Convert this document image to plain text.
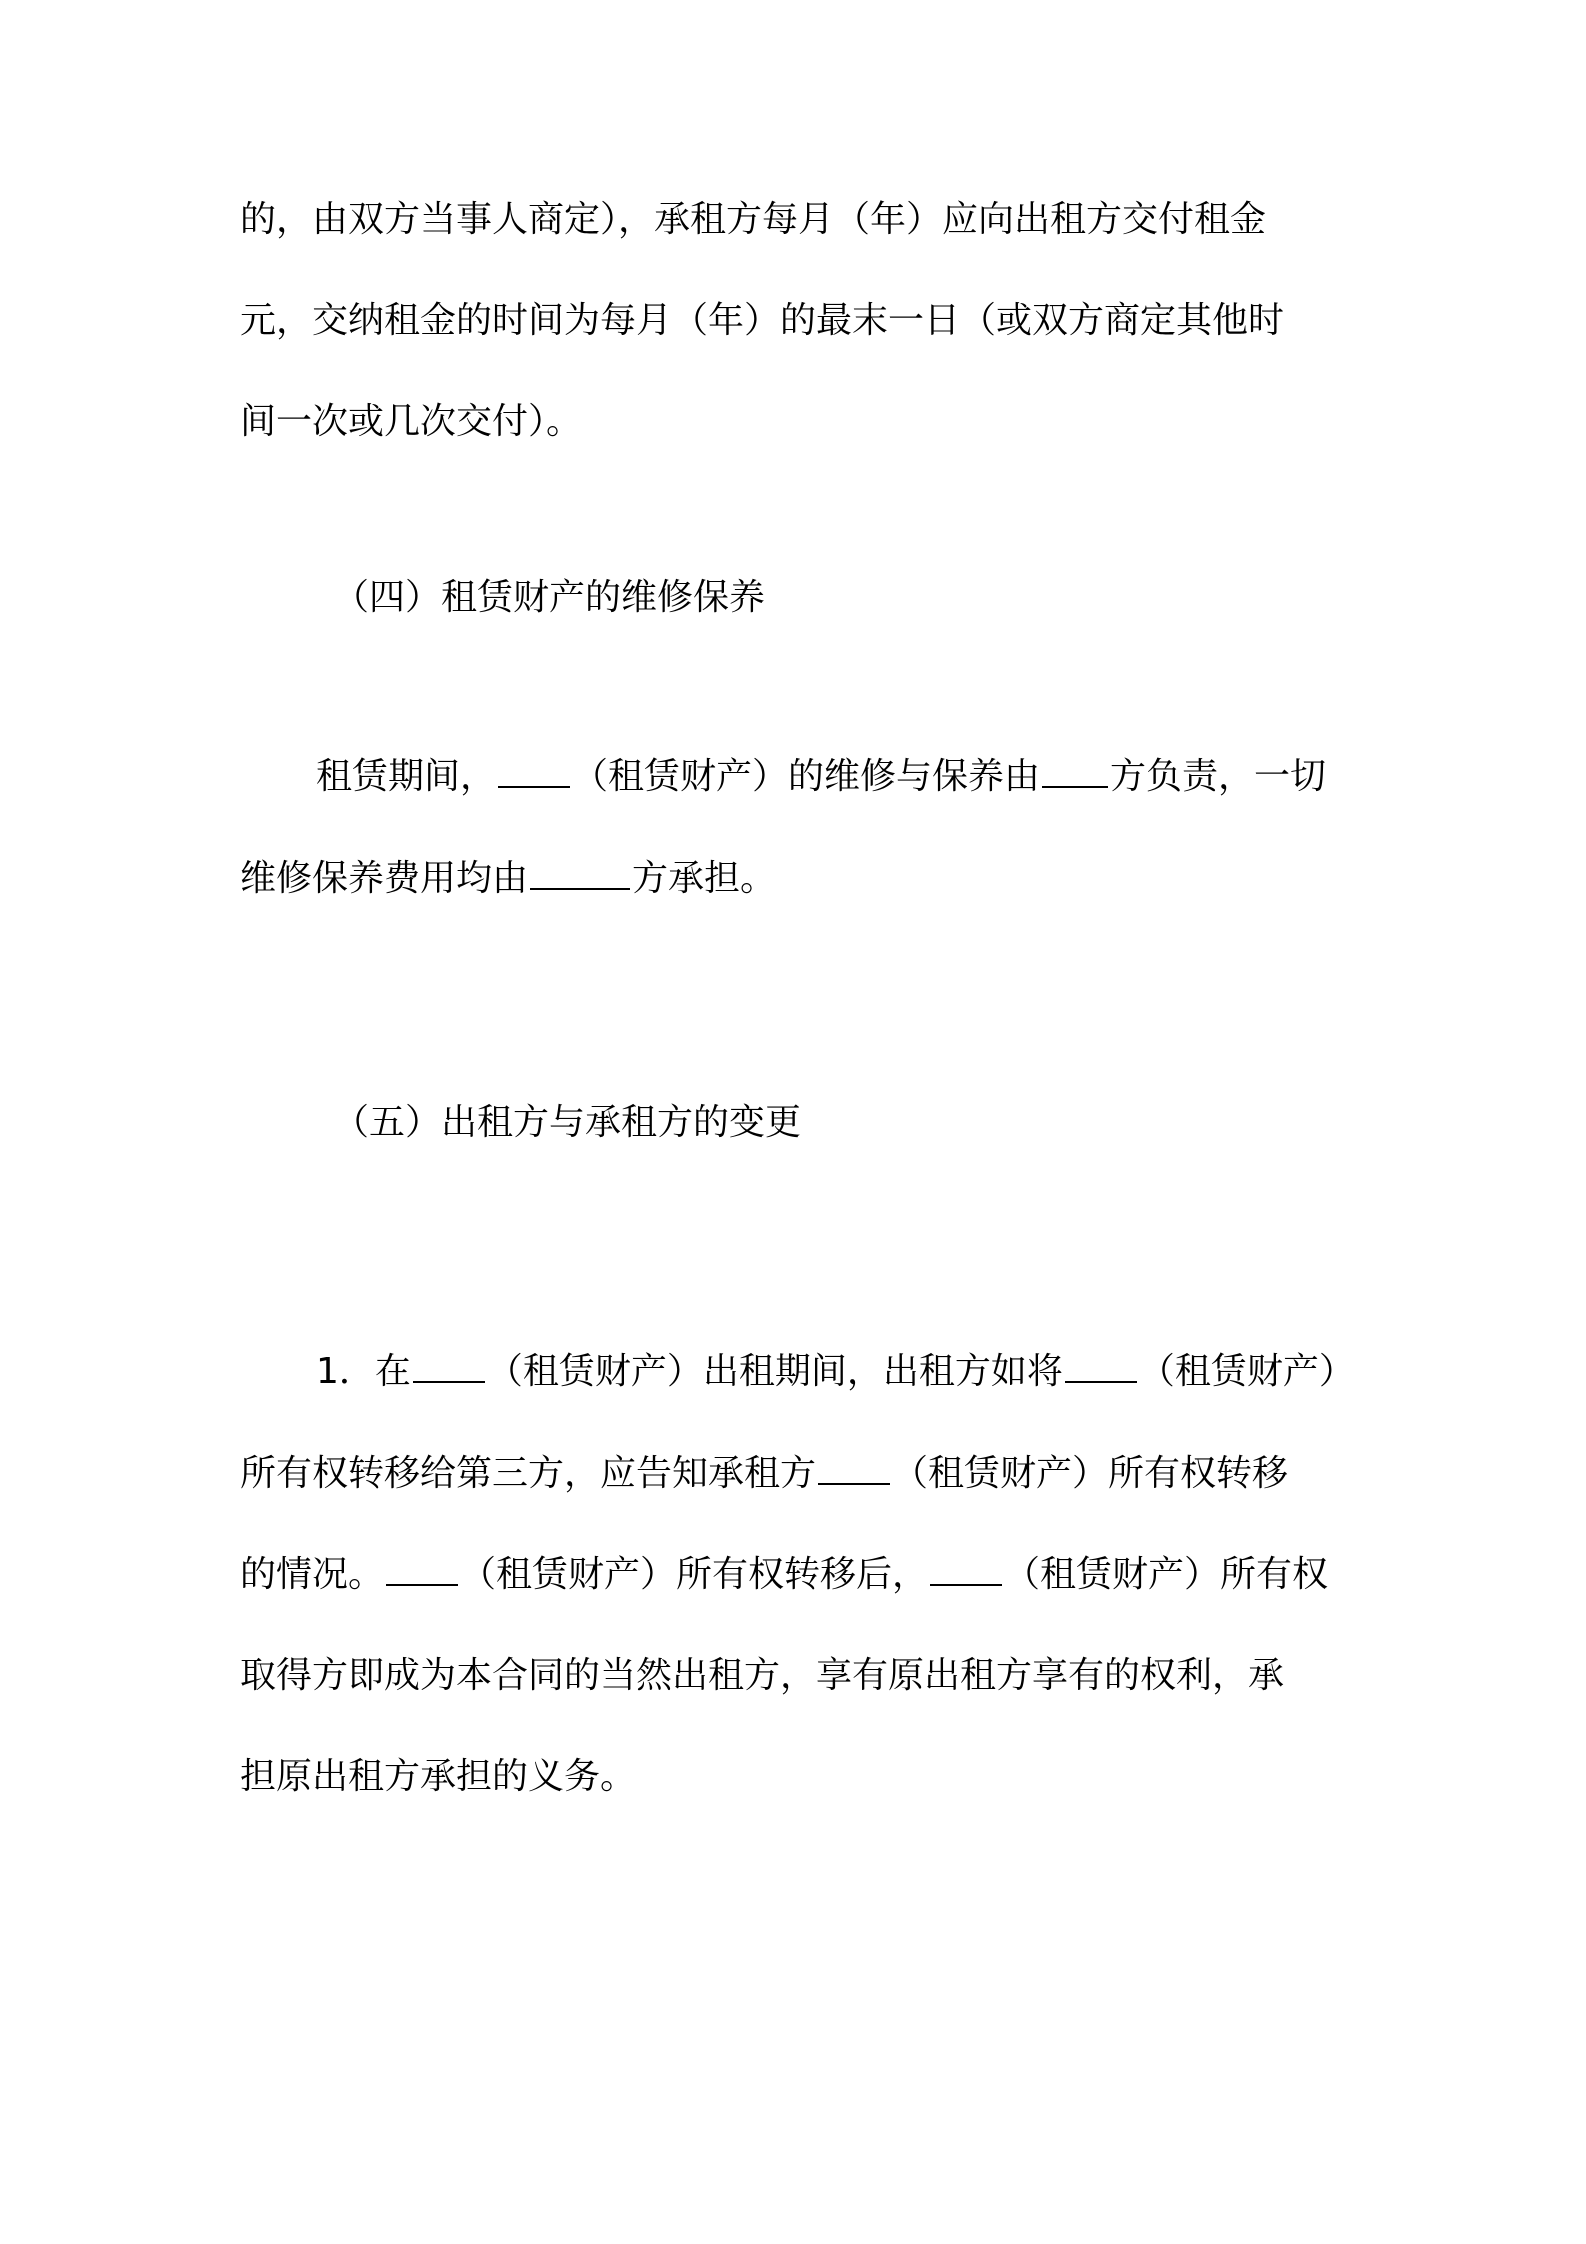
的，由双方当事人商定），承租方每月（年）应向出租方交付租金
元，交纳租金的时间为每月（年）的最末一日（或双方商定其他时
间一次或几次交付）。
（四）租赁财产的维修保养
租赁期间， （租赁财产）的维修与保养由 方负责，一切
维修保养费用均由	方承担。
（五）出租方与承租方的变更
1．在 （租赁财产）出租期间，出租方如将 （租赁财产）
所有权转移给第三方，应告知承租方 （租赁财产）所有权转移
的情况。 （租赁财产）所有权转移后， （租赁财产）所有权
取得方即成为本合同的当然出租方，享有原出租方享有的权利，承
担原出租方承担的义务。
